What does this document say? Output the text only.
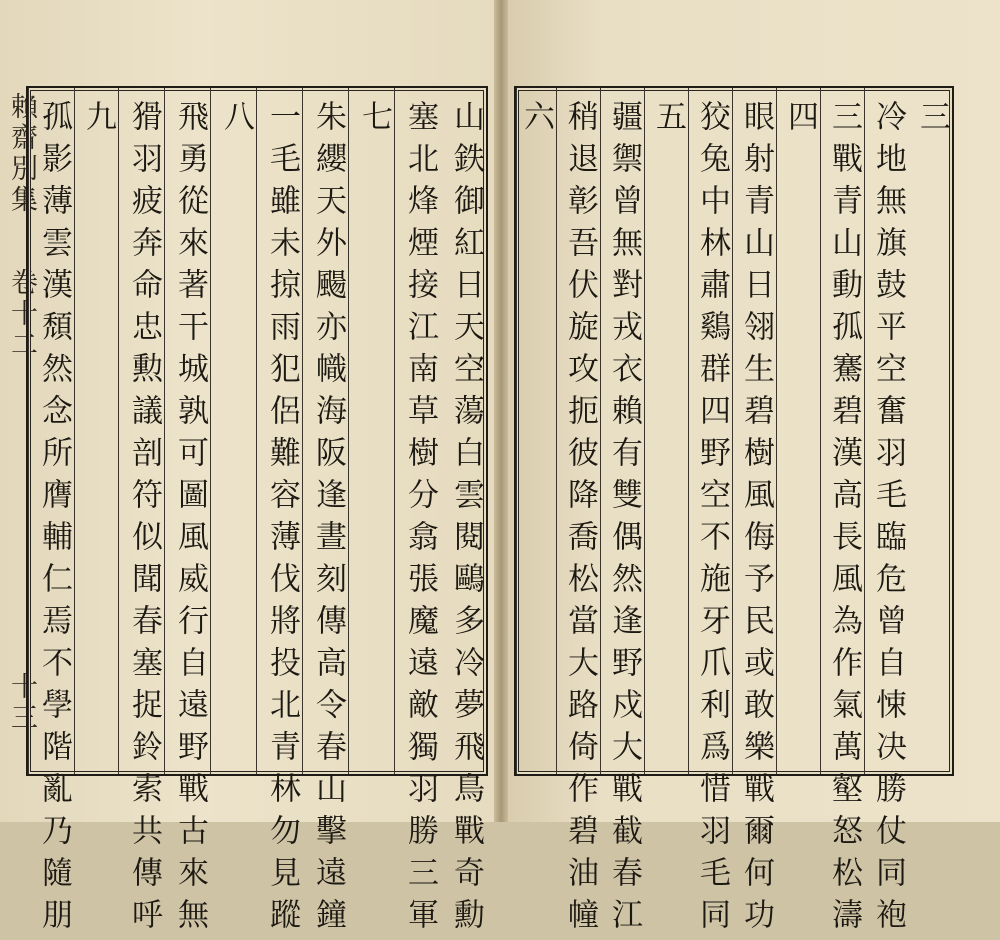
賴齋別集
卷十二
十三	山鉄御紅日天空蕩白雲閱鷗多冷夢飛鳥戰奇勳
塞北烽煙接江南草樹分翕張魔遠敵獨羽勝三軍
七
朱纓天外颺亦幟海阪逢晝刻傳高令春山擊遠鐘
一毛雖未掠雨犯侶難容薄伐將投北青林勿見蹤
八
飛勇從來著干城孰可圖風威行自遠野戰古來無
猾羽疲奔命忠勲議剖符似聞春塞捉鈴索共傳呼
九
孤影薄雲漢頹然念所膺輔仁焉不學階亂乃隨朋	三
冷地無旗鼓平空奮羽毛臨危曾自悚决勝仗同袍
三戰青山動孤騫碧漢高長風為作氣萬壑怒松濤
四
眼射青山日翎生碧樹風侮予民或敢樂戰爾何功
狡兔中林肅鷄群四野空不施牙爪利爲惜羽毛同
五
疆禦曾無對戎衣賴有雙偶然逢野戍大戰截春江
稍退彰吾伏旋攻扼彼降喬松當大路倚作碧油幢
六
